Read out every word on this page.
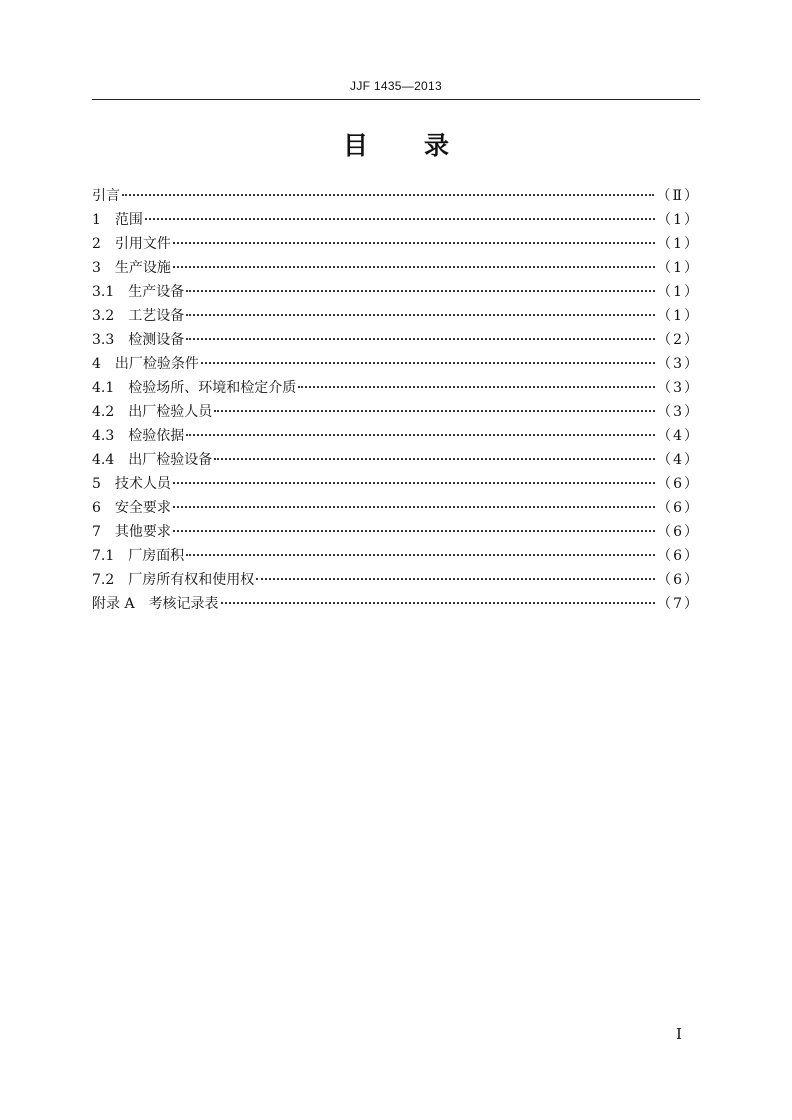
JJF 1435—2013
目录
引言	（Ⅱ）
1 范围	（1）
2 引用文件	（1）
3 生产设施	（1）
3.1 生产设备	（1）
3.2 工艺设备	（1）
3.3 检测设备	（2）
4 出厂检验条件	（3）
4.1 检验场所、环境和检定介质	（3）
4.2 出厂检验人员	（3）
4.3 检验依据	（4）
4.4 出厂检验设备	（4）
5 技术人员	（6）
6 安全要求	（6）
7 其他要求	（6）
7.1 厂房面积	（6）
7.2 厂房所有权和使用权	（6）
附录 A 考核记录表	（7）
Ⅰ
